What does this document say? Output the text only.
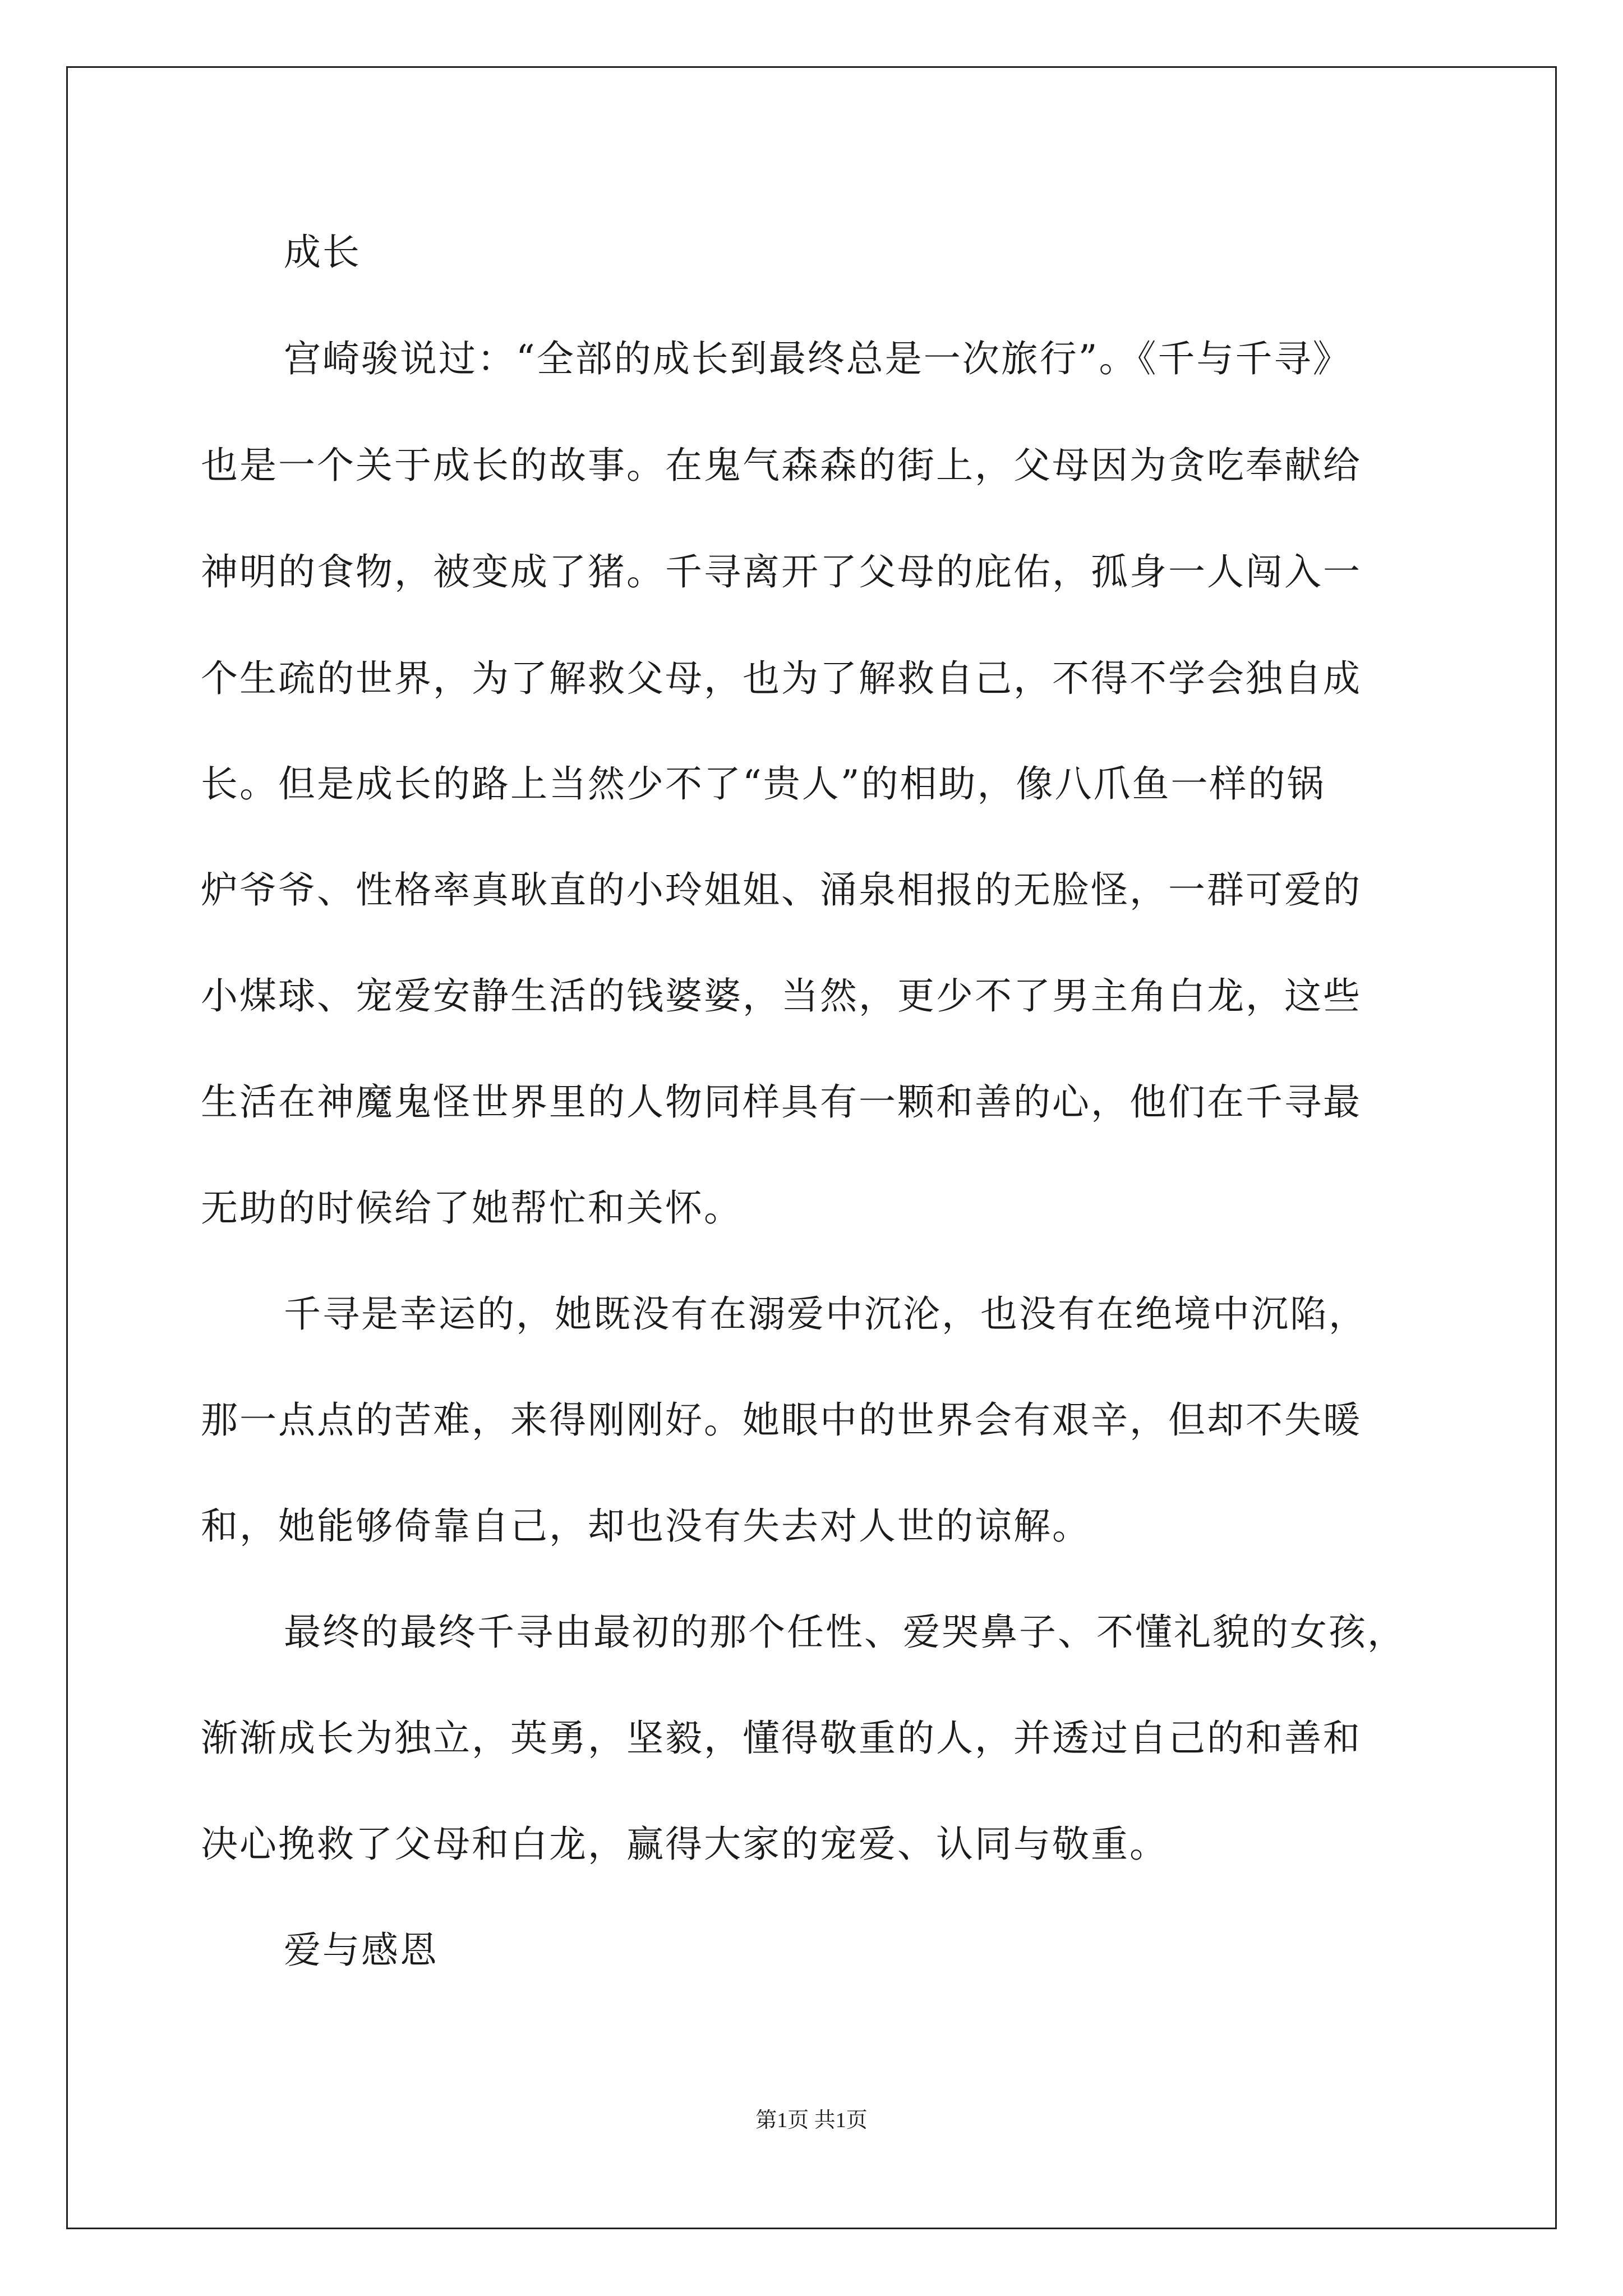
成长
宫崎骏说过：“全部的成长到最终总是一次旅行”。《千与千寻》
也是一个关于成长的故事。在鬼气森森的街上，父母因为贪吃奉献给
神明的食物，被变成了猪。千寻离开了父母的庇佑，孤身一人闯入一
个生疏的世界，为了解救父母，也为了解救自己，不得不学会独自成
长。但是成长的路上当然少不了“贵人”的相助，像八爪鱼一样的锅
炉爷爷、性格率真耿直的小玲姐姐、涌泉相报的无脸怪，一群可爱的
小煤球、宠爱安静生活的钱婆婆，当然，更少不了男主角白龙，这些
生活在神魔鬼怪世界里的人物同样具有一颗和善的心，他们在千寻最
无助的时候给了她帮忙和关怀。
千寻是幸运的，她既没有在溺爱中沉沦，也没有在绝境中沉陷，
那一点点的苦难，来得刚刚好。她眼中的世界会有艰辛，但却不失暖
和，她能够倚靠自己，却也没有失去对人世的谅解。
最终的最终千寻由最初的那个任性、爱哭鼻子、不懂礼貌的女孩，
渐渐成长为独立，英勇，坚毅，懂得敬重的人，并透过自己的和善和
决心挽救了父母和白龙，赢得大家的宠爱、认同与敬重。
爱与感恩
第1页 共1页
